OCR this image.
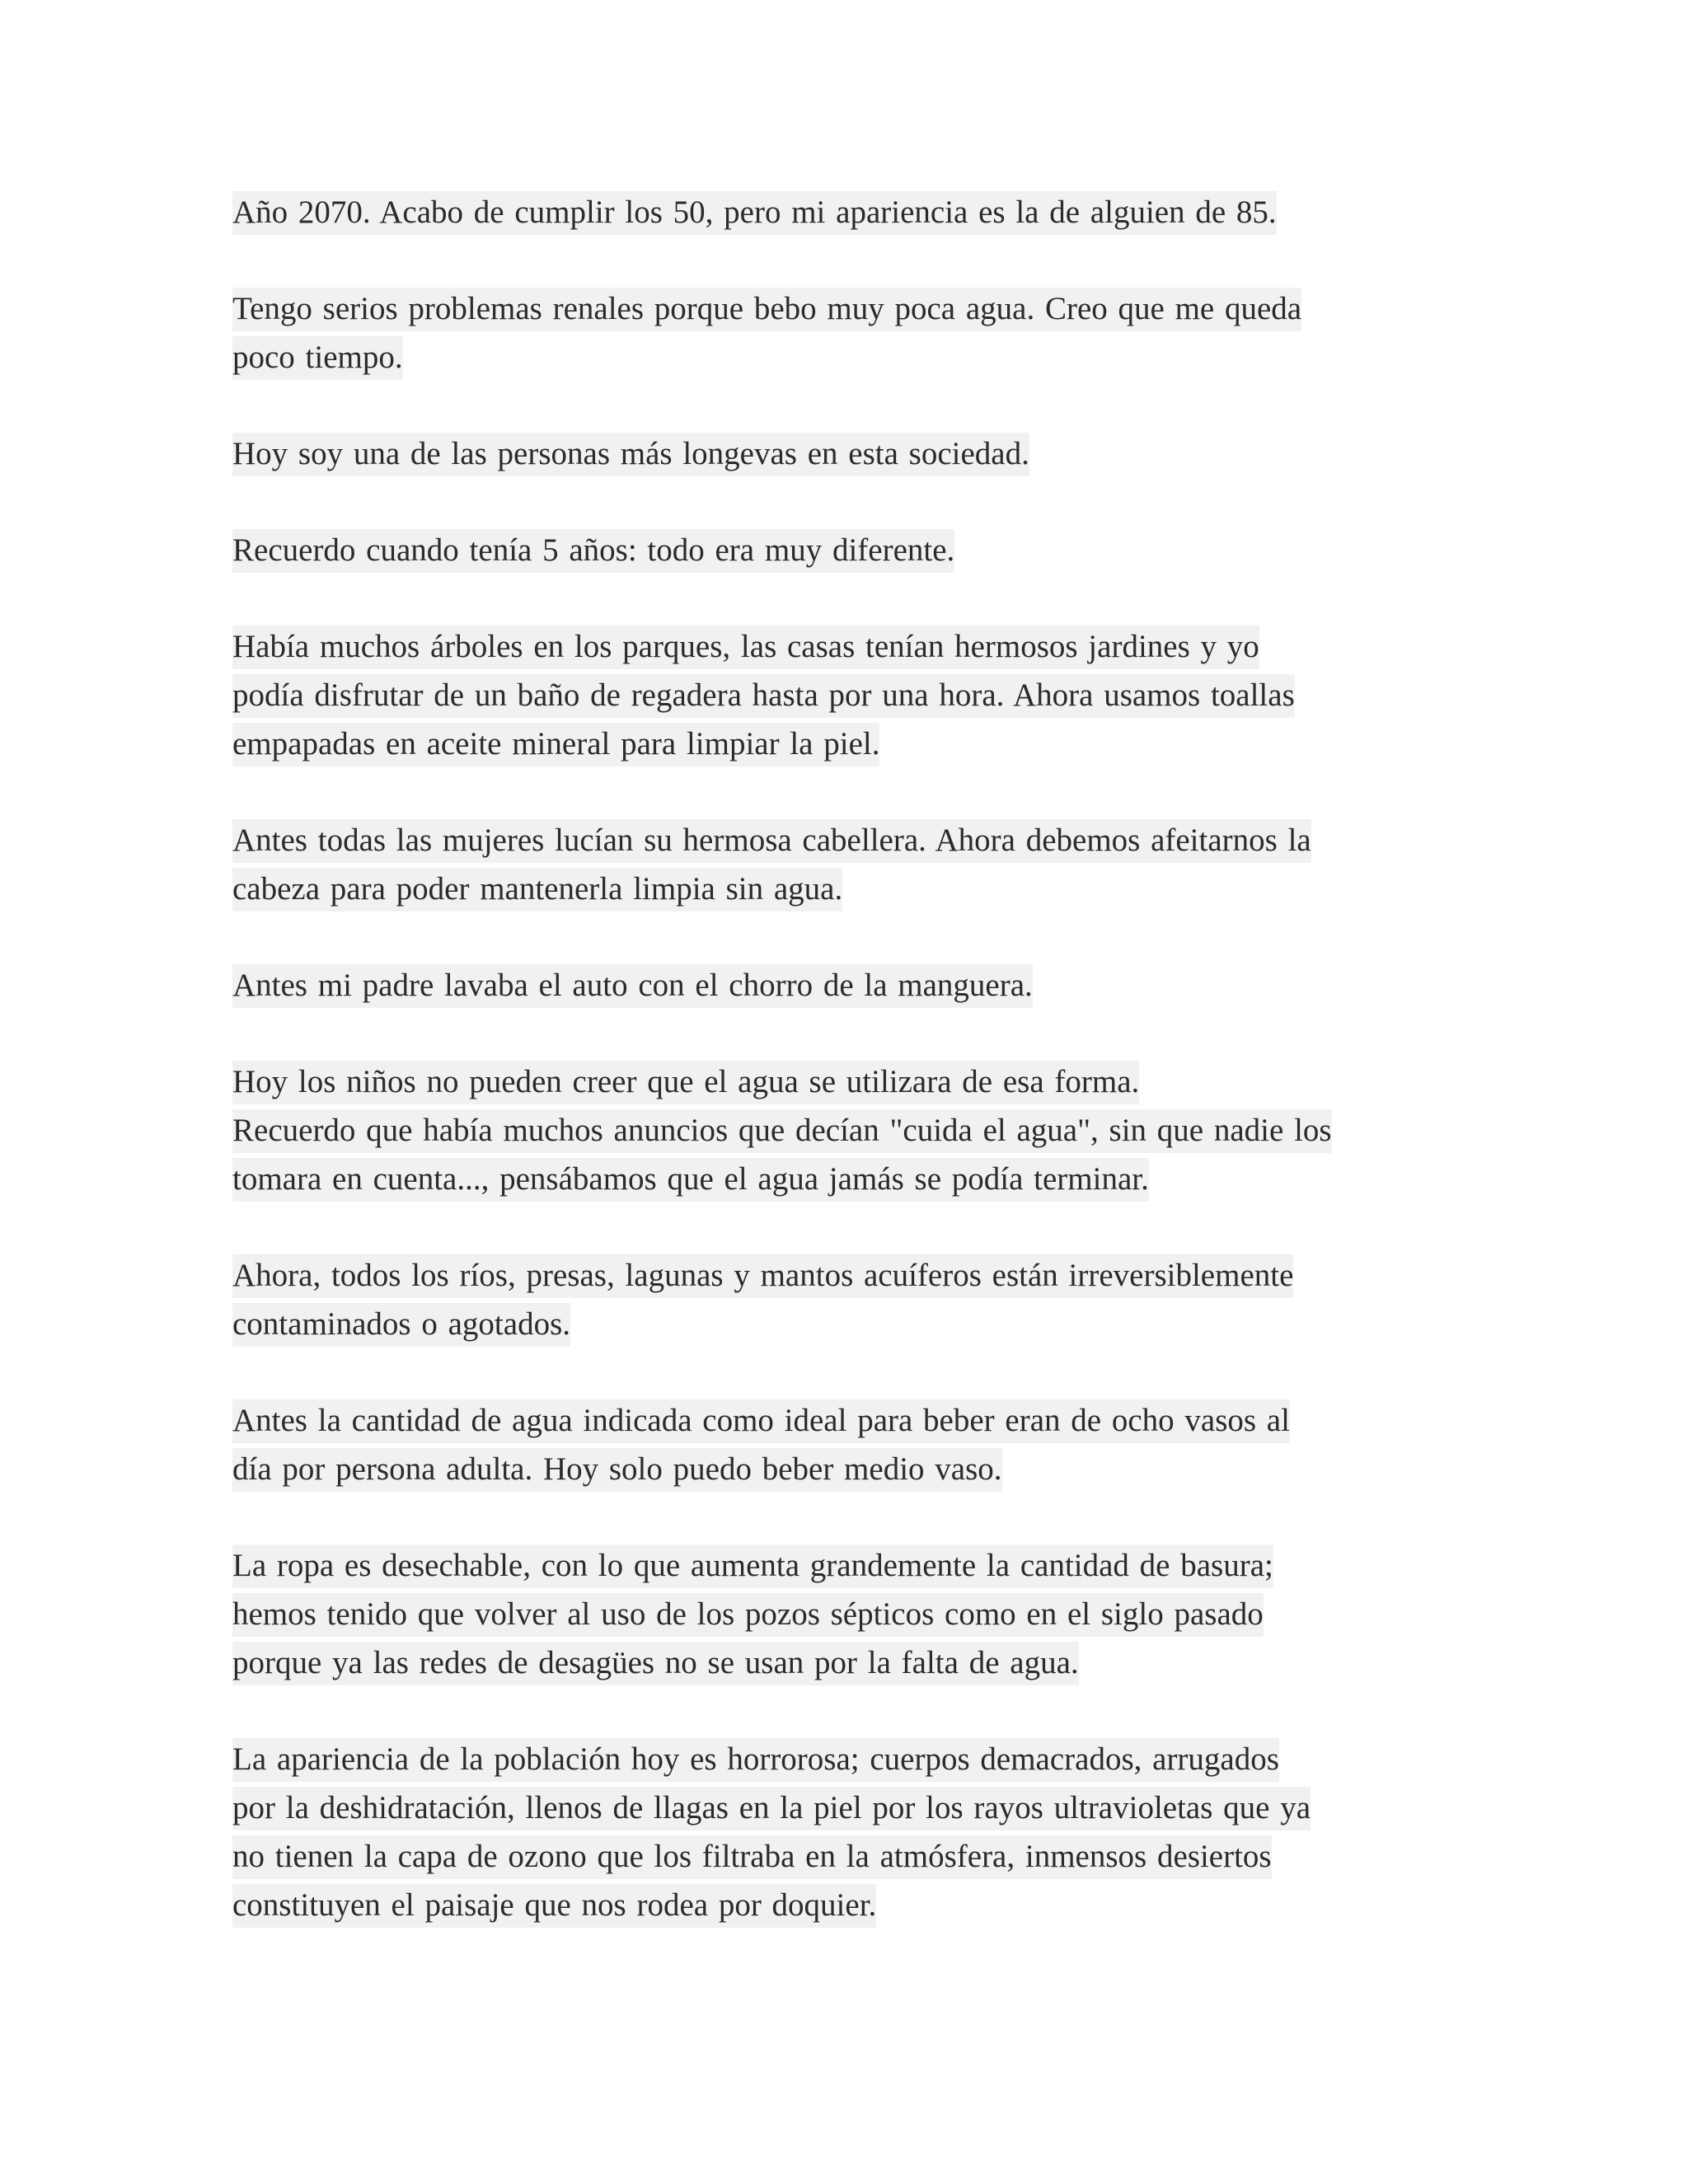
Año 2070. Acabo de cumplir los 50, pero mi apariencia es la de alguien de 85.

Tengo serios problemas renales porque bebo muy poca agua. Creo que me queda
poco tiempo.

Hoy soy una de las personas más longevas en esta sociedad.

Recuerdo cuando tenía 5 años: todo era muy diferente.

Había muchos árboles en los parques, las casas tenían hermosos jardines y yo
podía disfrutar de un baño de regadera hasta por una hora. Ahora usamos toallas
empapadas en aceite mineral para limpiar la piel.

Antes todas las mujeres lucían su hermosa cabellera. Ahora debemos afeitarnos la
cabeza para poder mantenerla limpia sin agua.

Antes mi padre lavaba el auto con el chorro de la manguera.

Hoy los niños no pueden creer que el agua se utilizara de esa forma.
Recuerdo que había muchos anuncios que decían "cuida el agua", sin que nadie los
tomara en cuenta..., pensábamos que el agua jamás se podía terminar.

Ahora, todos los ríos, presas, lagunas y mantos acuíferos están irreversiblemente
contaminados o agotados.

Antes la cantidad de agua indicada como ideal para beber eran de ocho vasos al
día por persona adulta. Hoy solo puedo beber medio vaso.

La ropa es desechable, con lo que aumenta grandemente la cantidad de basura;
hemos tenido que volver al uso de los pozos sépticos como en el siglo pasado
porque ya las redes de desagües no se usan por la falta de agua.

La apariencia de la población hoy es horrorosa; cuerpos demacrados, arrugados
por la deshidratación, llenos de llagas en la piel por los rayos ultravioletas que ya
no tienen la capa de ozono que los filtraba en la atmósfera, inmensos desiertos
constituyen el paisaje que nos rodea por doquier.
